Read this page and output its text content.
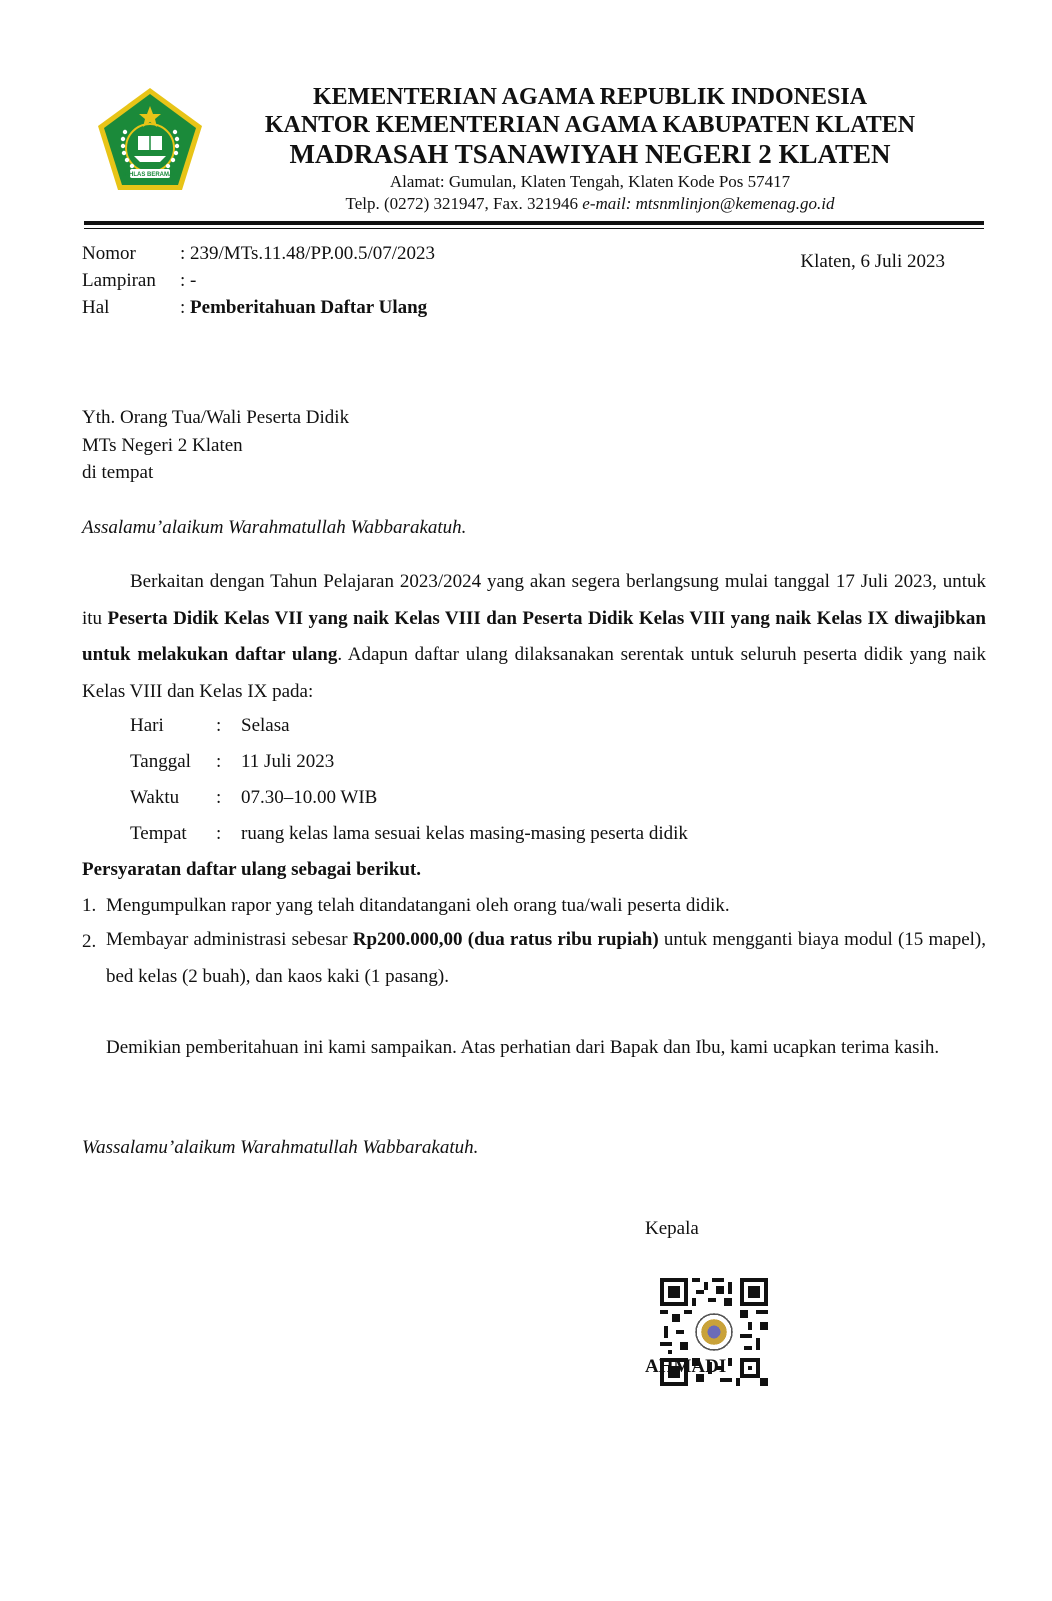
IKHLAS BERAMAL
KEMENTERIAN AGAMA REPUBLIK INDONESIA
KANTOR KEMENTERIAN AGAMA KABUPATEN KLATEN
MADRASAH TSANAWIYAH NEGERI 2 KLATEN
Alamat: Gumulan, Klaten Tengah, Klaten Kode Pos 57417
Telp. (0272) 321947, Fax. 321946 e-mail: mtsnmlinjon@kemenag.go.id
Nomor : 239/MTs.11.48/PP.00.5/07/2023	Klaten, 6 Juli 2023
Lampiran : -
Hal	: Pemberitahuan Daftar Ulang
Yth. Orang Tua/Wali Peserta Didik
MTs Negeri 2 Klaten
di tempat
Assalamu’alaikum Warahmatullah Wabbarakatuh.
Berkaitan dengan Tahun Pelajaran 2023/2024 yang akan segera berlangsung mulai tanggal 17 Juli 2023, untuk itu Peserta Didik Kelas VII yang naik Kelas VIII dan Peserta Didik Kelas VIII yang naik Kelas IX diwajibkan untuk melakukan daftar ulang. Adapun daftar ulang dilaksanakan serentak untuk seluruh peserta didik yang naik Kelas VIII dan Kelas IX pada:
Hari	: Selasa
Tanggal : 11 Juli 2023
Waktu : 07.30–10.00 WIB
Tempat : ruang kelas lama sesuai kelas masing-masing peserta didik
Persyaratan daftar ulang sebagai berikut.
1. Mengumpulkan rapor yang telah ditandatangani oleh orang tua/wali peserta didik.
2. Membayar administrasi sebesar Rp200.000,00 (dua ratus ribu rupiah) untuk mengganti biaya modul (15 mapel), bed kelas (2 buah), dan kaos kaki (1 pasang).
Demikian pemberitahuan ini kami sampaikan. Atas perhatian dari Bapak dan Ibu, kami ucapkan terima kasih.
Wassalamu’alaikum Warahmatullah Wabbarakatuh.
Kepala
AHMADI
